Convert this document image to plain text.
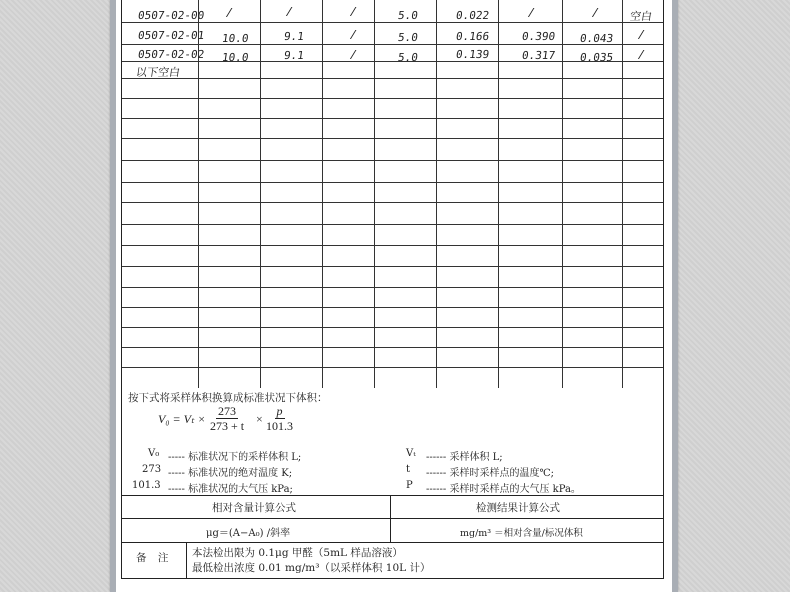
0507-02-00 /	/	/	5.0	0.022	/	/	空白
0507-02-01 10.0	9.1	/	5.0	0.166	0.390 0.043 /
0507-02-02 10.0	9.1	/	5.0	0.139	0.317 0.035 /
以下空白
按下式将采样体积换算成标准状况下体积：
$V_0 = V_t \times \frac{273}{273 + t} \times \frac{p}{101.3}$
V₀ ----- 标准状况下的采样体积 L;	Vₜ ------ 采样体积 L;
273 ----- 标准状况的绝对温度 K;	t ------ 采样时采样点的温度℃;
101.3 ----- 标准状况的大气压 kPa;	P ------ 采样时采样点的大气压 kPa。
相对含量计算公式	检测结果计算公式
μg＝(A−A₀) /斜率	mg/m³ ＝相对含量/标况体积
备 注 本法检出限为 0.1μg 甲醛（5mL 样品溶液）
最低检出浓度 0.01 mg/m³（以采样体积 10L 计）
